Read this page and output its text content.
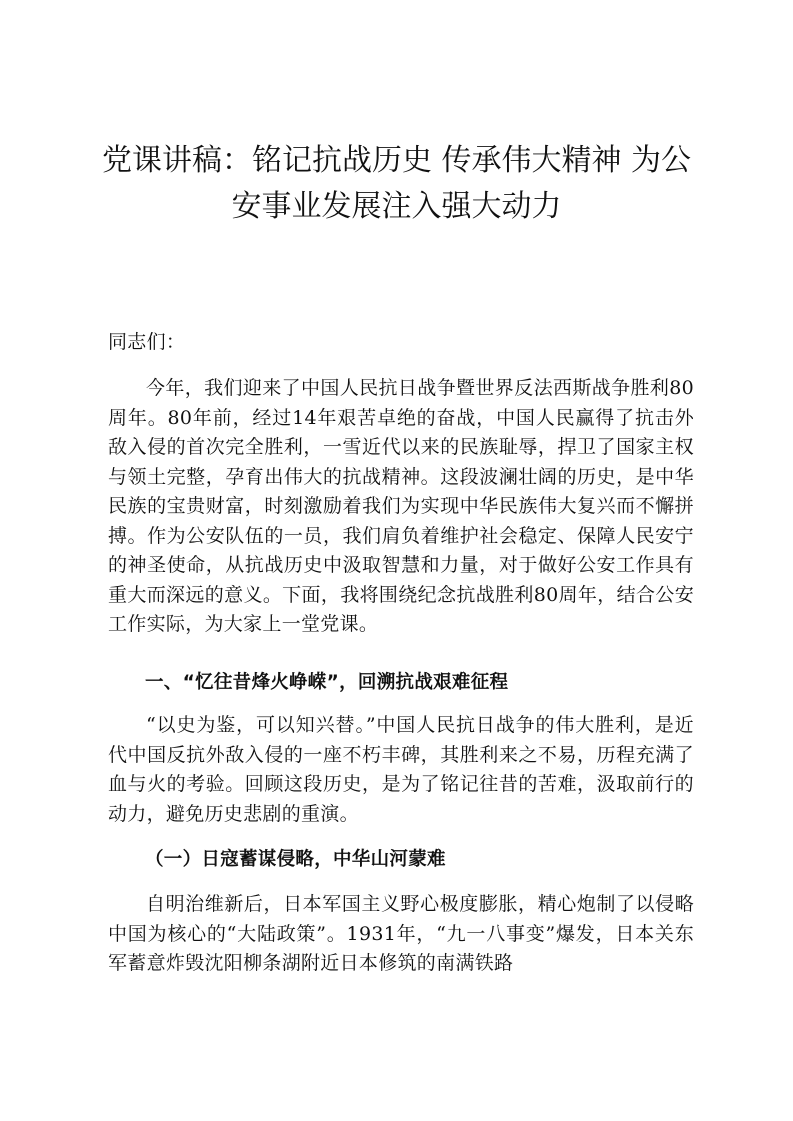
党课讲稿：铭记抗战历史 传承伟大精神 为公安事业发展注入强大动力

同志们：

今年，我们迎来了中国人民抗日战争暨世界反法西斯战争胜利80周年。80年前，经过14年艰苦卓绝的奋战，中国人民赢得了抗击外敌入侵的首次完全胜利，一雪近代以来的民族耻辱，捍卫了国家主权与领土完整，孕育出伟大的抗战精神。这段波澜壮阔的历史，是中华民族的宝贵财富，时刻激励着我们为实现中华民族伟大复兴而不懈拼搏。作为公安队伍的一员，我们肩负着维护社会稳定、保障人民安宁的神圣使命，从抗战历史中汲取智慧和力量，对于做好公安工作具有重大而深远的意义。下面，我将围绕纪念抗战胜利80周年，结合公安工作实际，为大家上一堂党课。

一、“忆往昔烽火峥嵘”，回溯抗战艰难征程

“以史为鉴，可以知兴替。”中国人民抗日战争的伟大胜利，是近代中国反抗外敌入侵的一座不朽丰碑，其胜利来之不易，历程充满了血与火的考验。回顾这段历史，是为了铭记往昔的苦难，汲取前行的动力，避免历史悲剧的重演。

（一）日寇蓄谋侵略，中华山河蒙难

自明治维新后，日本军国主义野心极度膨胀，精心炮制了以侵略中国为核心的“大陆政策”。1931年，“九一八事变”爆发，日本关东军蓄意炸毁沈阳柳条湖附近日本修筑的南满铁路
